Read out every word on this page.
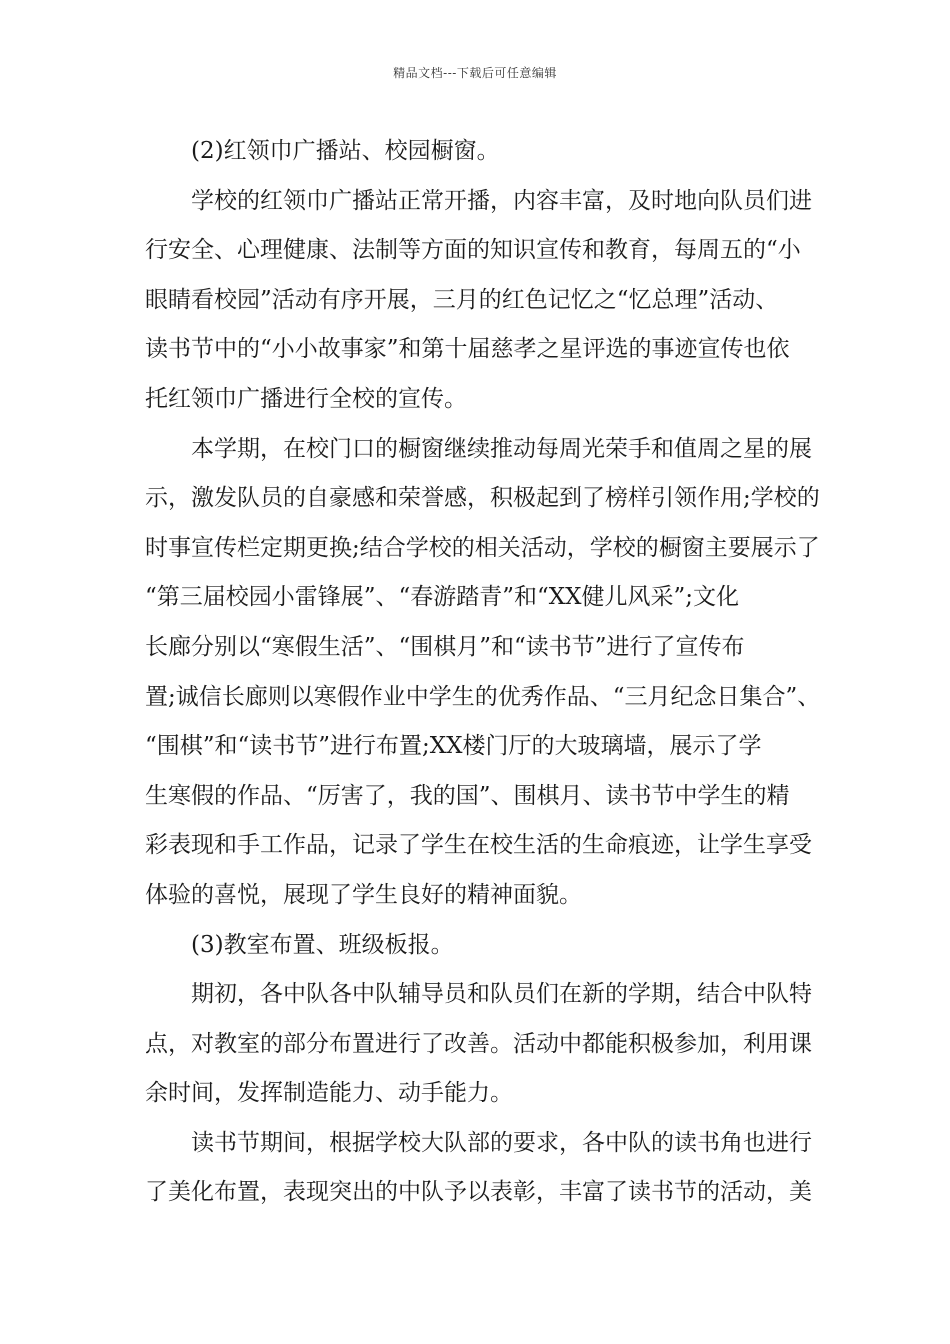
精品文档---下载后可任意编辑
(2)红领巾广播站、校园橱窗。
学校的红领巾广播站正常开播，内容丰富，及时地向队员们进
行安全、心理健康、法制等方面的知识宣传和教育，每周五的“小
眼睛看校园”活动有序开展，三月的红色记忆之“忆总理”活动、
读书节中的“小小故事家”和第十届慈孝之星评选的事迹宣传也依
托红领巾广播进行全校的宣传。
本学期，在校门口的橱窗继续推动每周光荣手和值周之星的展
示，激发队员的自豪感和荣誉感，积极起到了榜样引领作用;学校的
时事宣传栏定期更换;结合学校的相关活动，学校的橱窗主要展示了
“第三届校园小雷锋展”、“春游踏青”和“XX健儿风采”;文化
长廊分别以“寒假生活”、“围棋月”和“读书节”进行了宣传布
置;诚信长廊则以寒假作业中学生的优秀作品、“三月纪念日集合”、
“围棋”和“读书节”进行布置;XX楼门厅的大玻璃墙，展示了学
生寒假的作品、“厉害了，我的国”、围棋月、读书节中学生的精
彩表现和手工作品，记录了学生在校生活的生命痕迹，让学生享受
体验的喜悦，展现了学生良好的精神面貌。
(3)教室布置、班级板报。
期初，各中队各中队辅导员和队员们在新的学期，结合中队特
点，对教室的部分布置进行了改善。活动中都能积极参加，利用课
余时间，发挥制造能力、动手能力。
读书节期间，根据学校大队部的要求，各中队的读书角也进行
了美化布置，表现突出的中队予以表彰，丰富了读书节的活动，美
